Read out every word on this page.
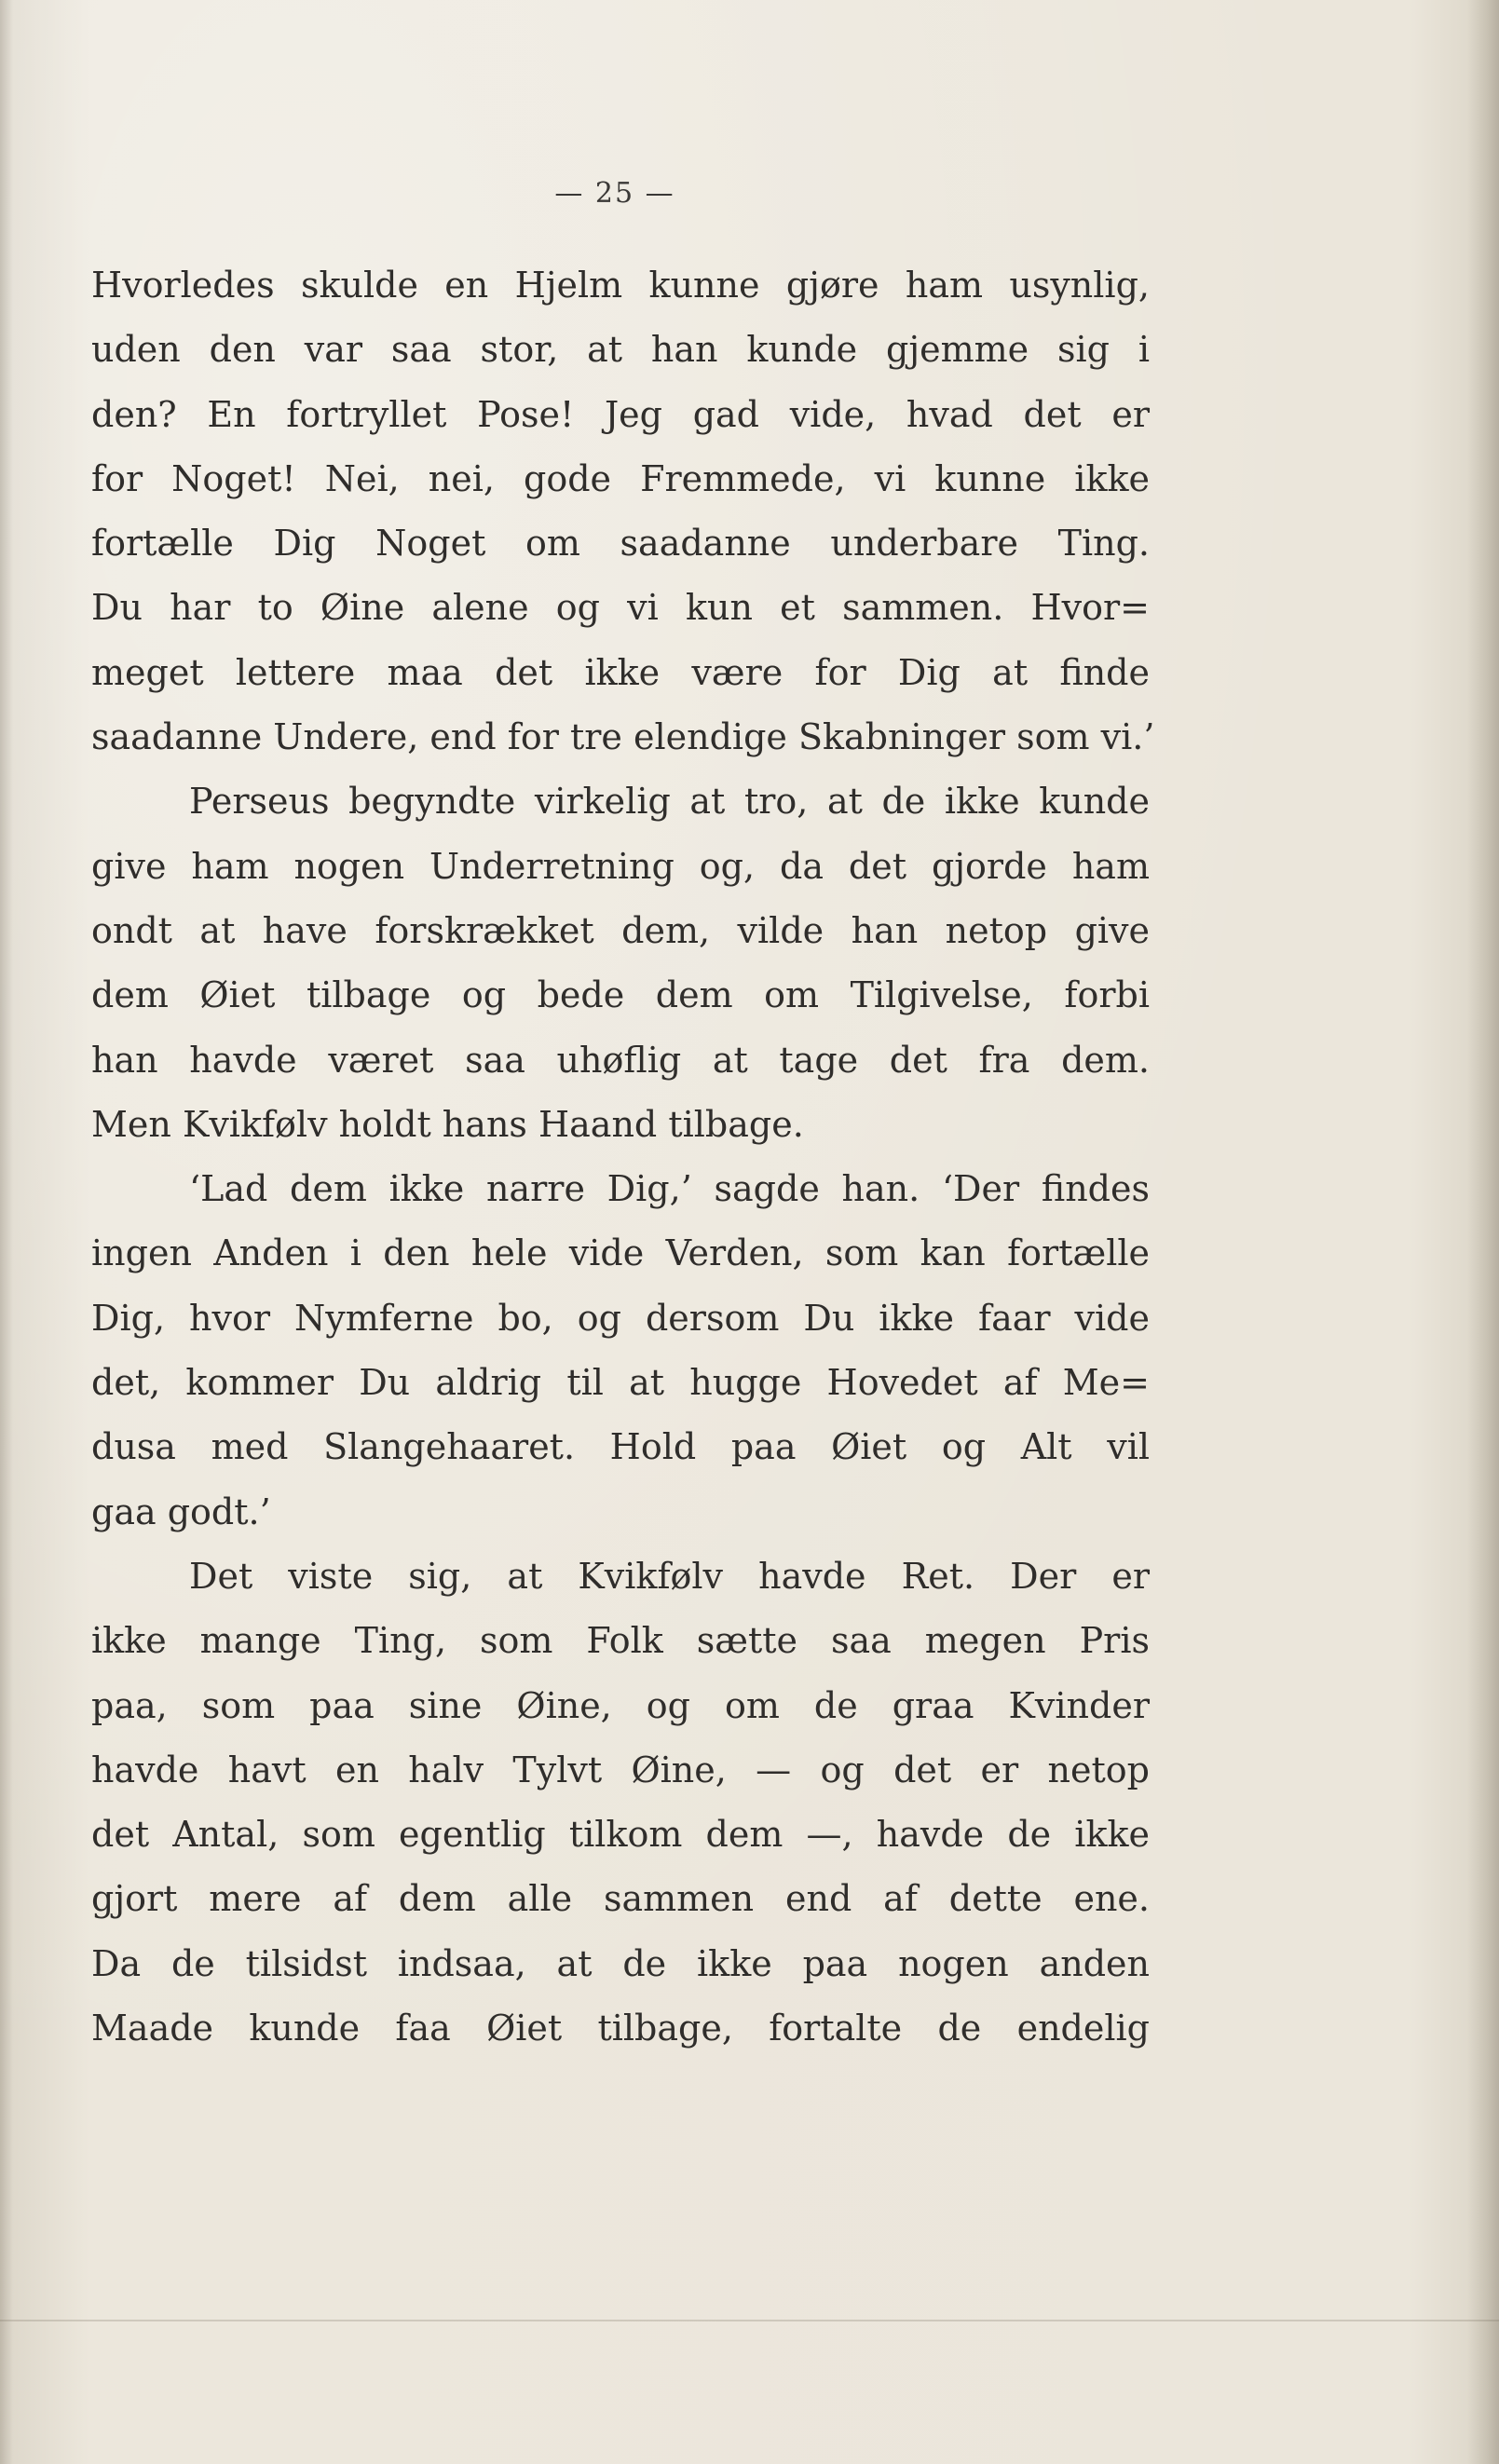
— 25 —
Hvorledes skulde en Hjelm kunne gjøre ham usynlig,
uden den var saa stor, at han kunde gjemme sig i
den? En fortryllet Pose! Jeg gad vide, hvad det er
for Noget! Nei, nei, gode Fremmede, vi kunne ikke
fortælle Dig Noget om saadanne underbare Ting.
Du har to Øine alene og vi kun et sammen. Hvor=
meget lettere maa det ikke være for Dig at finde
saadanne Undere, end for tre elendige Skabninger som vi.’
Perseus begyndte virkelig at tro, at de ikke kunde
give ham nogen Underretning og, da det gjorde ham
ondt at have forskrækket dem, vilde han netop give
dem Øiet tilbage og bede dem om Tilgivelse, forbi
han havde været saa uhøflig at tage det fra dem.
Men Kvikfølv holdt hans Haand tilbage.
‘Lad dem ikke narre Dig,’ sagde han. ‘Der findes
ingen Anden i den hele vide Verden, som kan fortælle
Dig, hvor Nymferne bo, og dersom Du ikke faar vide
det, kommer Du aldrig til at hugge Hovedet af Me=
dusa med Slangehaaret. Hold paa Øiet og Alt vil
gaa godt.’
Det viste sig, at Kvikfølv havde Ret. Der er
ikke mange Ting, som Folk sætte saa megen Pris
paa, som paa sine Øine, og om de graa Kvinder
havde havt en halv Tylvt Øine, — og det er netop
det Antal, som egentlig tilkom dem —, havde de ikke
gjort mere af dem alle sammen end af dette ene.
Da de tilsidst indsaa, at de ikke paa nogen anden
Maade kunde faa Øiet tilbage, fortalte de endelig
